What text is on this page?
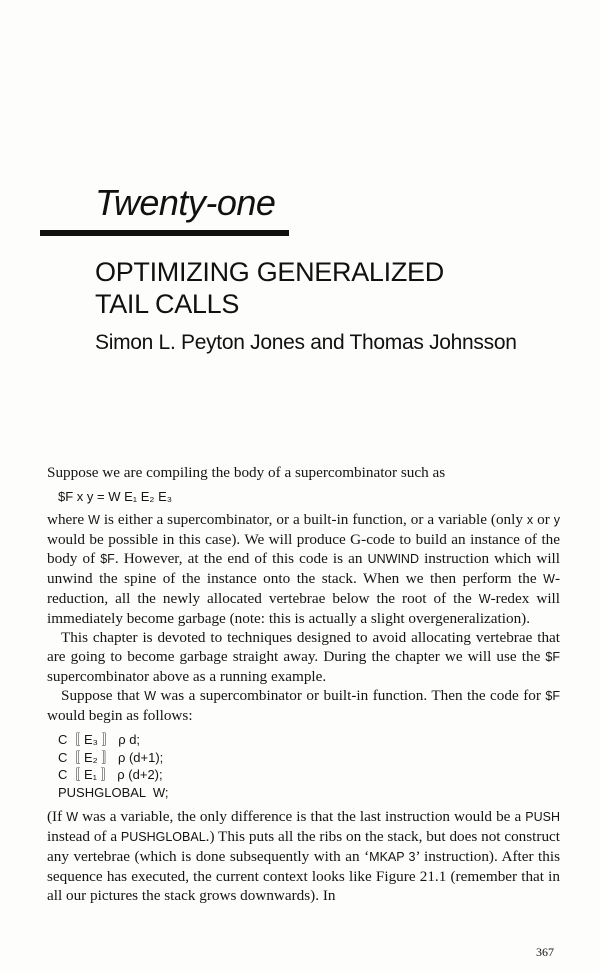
Twenty-one
OPTIMIZING GENERALIZED
TAIL CALLS
Simon L. Peyton Jones and Thomas Johnsson

Suppose we are compiling the body of a supercombinator such as

$F x y = W E₁ E₂ E₃

where W is either a supercombinator, or a built-in function, or a variable (only x or y would be possible in this case). We will produce G-code to build an instance of the body of $F. However, at the end of this code is an UNWIND instruction which will unwind the spine of the instance onto the stack. When we then perform the W-reduction, all the newly allocated vertebrae below the root of the W-redex will immediately become garbage (note: this is actually a slight overgeneralization).

This chapter is devoted to techniques designed to avoid allocating vertebrae that are going to become garbage straight away. During the chapter we will use the $F supercombinator above as a running example.

Suppose that W was a supercombinator or built-in function. Then the code for $F would begin as follows:

C〚 E₃ 〛 ρ d;
C〚 E₂ 〛 ρ (d+1);
C〚 E₁ 〛 ρ (d+2);
PUSHGLOBAL  W;

(If W was a variable, the only difference is that the last instruction would be a PUSH instead of a PUSHGLOBAL.) This puts all the ribs on the stack, but does not construct any vertebrae (which is done subsequently with an ‘MKAP 3’ instruction). After this sequence has executed, the current context looks like Figure 21.1 (remember that in all our pictures the stack grows downwards). In

367
